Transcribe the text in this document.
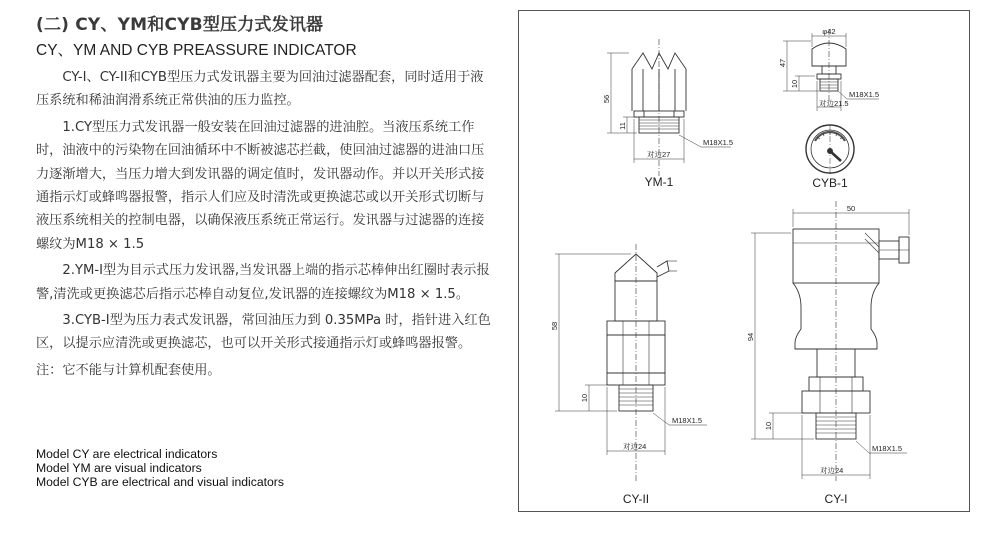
(二) CY、YM和CYB型压力式发讯器
CY、YM AND CYB PREASSURE INDICATOR

CY-I、CY-II和CYB型压力式发讯器主要为回油过滤器配套，同时适用于液压系统和稀油润滑系统正常供油的压力监控。

1.CY型压力式发讯器一般安装在回油过滤器的进油腔。当液压系统工作时，油液中的污染物在回油循环中不断被滤芯拦截，使回油过滤器的进油口压力逐渐增大，当压力增大到发讯器的调定值时，发讯器动作。并以开关形式接通指示灯或蜂鸣器报警，指示人们应及时清洗或更换滤芯或以开关形式切断与液压系统相关的控制电器，以确保液压系统正常运行。发讯器与过滤器的连接螺纹为M18 × 1.5

2.YM-I型为目示式压力发讯器,当发讯器上端的指示芯棒伸出红圈时表示报警,清洗或更换滤芯后指示芯棒自动复位,发讯器的连接螺纹为M18 × 1.5。

3.CYB-I型为压力表式发讯器，常回油压力到 0.35MPa 时，指针进入红色区，以提示应清洗或更换滤芯，也可以开关形式接通指示灯或蜂鸣器报警。

注：它不能与计算机配套使用。

Model CY are electrical indicators
Model YM are visual indicators
Model CYB are electrical and visual indicators
56
11
M18X1.5
对边27
YM-1
φ42
47
10
M18X1.5
对边21.5
CYB-1
58
10
M18X1.5
对边24
CY-II
50
94
10
M18X1.5
对边24
CY-I
